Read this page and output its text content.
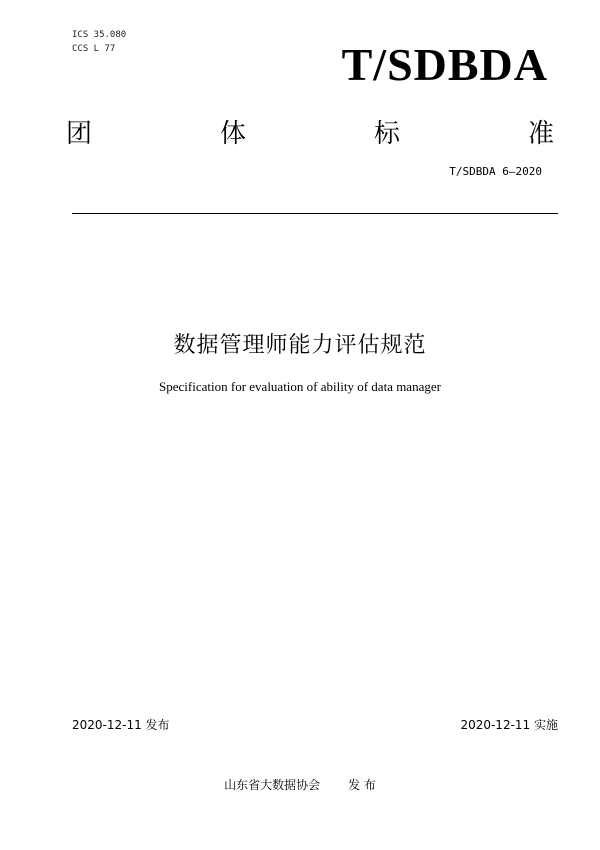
ICS 35.080
CCS L 77	T/SDBDA
团	体	标	准
T/SDBDA 6—2020
数据管理师能力评估规范
Specification for evaluation of ability of data manager
2020-12-11 发布	2020-12-11 实施
山东省大数据协会 发 布
